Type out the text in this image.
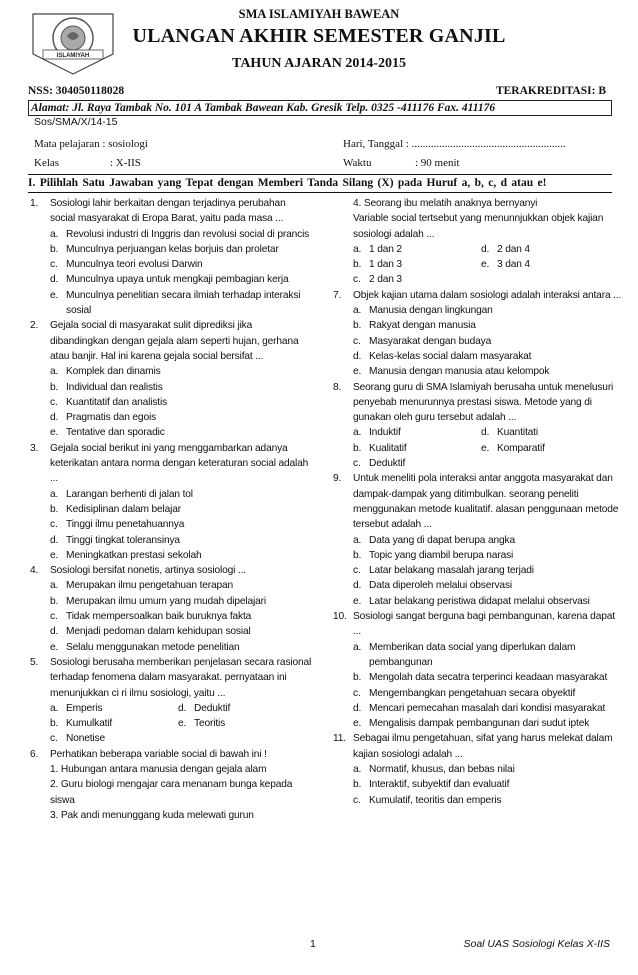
ISLAMIYAH
SMA ISLAMIYAH BAWEAN
ULANGAN AKHIR SEMESTER GANJIL
TAHUN AJARAN 2014-2015
NSS: 304050118028	TERAKREDITASI: B
Alamat: Jl. Raya Tambak No. 101 A Tambak Bawean Kab. Gresik Telp. 0325 -411176 Fax. 411176
Sos/SMA/X/14-15
Mata pelajaran : sosiologi	Hari, Tanggal : ........................................................
Kelas	: X-IIS	Waktu	: 90 menit
I. Pilihlah Satu Jawaban yang Tepat dengan Memberi Tanda Silang (X) pada Huruf a, b, c, d atau e!
1. Sosiologi lahir berkaitan dengan terjadinya perubahan social masyarakat di Eropa Barat, yaitu pada masa ...
a. Revolusi industri di Inggris dan revolusi social di prancis
b. Munculnya perjuangan kelas borjuis dan proletar
c. Munculnya teori evolusi Darwin
d. Munculnya upaya untuk mengkaji pembagian kerja
e. Munculnya penelitian secara ilmiah terhadap interaksi sosial
2. Gejala social di masyarakat sulit diprediksi jika dibandingkan dengan gejala alam seperti hujan, gerhana atau banjir. Hal ini karena gejala social bersifat ...
a. Komplek dan dinamis
b. Individual dan realistis
c. Kuantitatif dan analistis
d. Pragmatis dan egois
e. Tentative dan sporadic
3. Gejala social berikut ini yang menggambarkan adanya keterikatan antara norma dengan keteraturan social adalah ...
a. Larangan berhenti di jalan tol
b. Kedisiplinan dalam belajar
c. Tinggi ilmu penetahuannya
d. Tinggi tingkat toleransinya
e. Meningkatkan prestasi sekolah
4. Sosiologi bersifat nonetis, artinya sosiologi ...
a. Merupakan ilmu pengetahuan terapan
b. Merupakan ilmu umum yang mudah dipelajari
c. Tidak mempersoalkan baik buruknya fakta
d. Menjadi pedoman dalam kehidupan sosial
e. Selalu menggunakan metode penelitian
5. Sosiologi berusaha memberikan penjelasan secara rasional terhadap fenomena dalam masyarakat. pernyataan ini menunjukkan ci ri ilmu sosiologi, yaitu ...
a. Emperis	d. Deduktif
b. Kumulkatif	e. Teoritis
c. Nonetise
6. Perhatikan beberapa variable social di bawah ini !
1. Hubungan antara manusia dengan gejala alam
2. Guru biologi mengajar cara menanam bunga kepada siswa
3. Pak andi menunggang kuda melewati gurun
4. Seorang ibu melatih anaknya bernyanyi
Variable social tertsebut yang menunnjukkan objek kajian sosiologi adalah ...
a. 1 dan 2	d. 2 dan 4
b. 1 dan 3	e. 3 dan 4
c. 2 dan 3
7. Objek kajian utama dalam sosiologi adalah interaksi antara ...
a. Manusia dengan lingkungan
b. Rakyat dengan manusia
c. Masyarakat dengan budaya
d. Kelas-kelas social dalam masyarakat
e. Manusia dengan manusia atau kelompok
8. Seorang guru di SMA Islamiyah berusaha untuk menelusuri penyebab menurunnya prestasi siswa. Metode yang di gunakan oleh guru tersebut adalah ...
a. Induktif	d. Kuantitati
b. Kualitatif	e. Komparatif
c. Deduktif
9. Untuk meneliti pola interaksi antar anggota masyarakat dan dampak-dampak yang ditimbulkan. seorang peneliti menggunakan metode kualitatif. alasan penggunaan metode tersebut adalah ...
a. Data yang di dapat berupa angka
b. Topic yang diambil berupa narasi
c. Latar belakang masalah jarang terjadi
d. Data diperoleh melalui observasi
e. Latar belakang peristiwa didapat melalui observasi
10. Sosiologi sangat berguna bagi pembangunan, karena dapat ...
a. Memberikan data social yang diperlukan dalam pembangunan
b. Mengolah data secatra terperinci keadaan masyarakat
c. Mengembangkan pengetahuan secara obyektif
d. Mencari pemecahan masalah dari kondisi masyarakat
e. Mengalisis dampak pembangunan dari sudut iptek
11. Sebagai ilmu pengetahuan, sifat yang harus melekat dalam kajian sosiologi adalah ...
a. Normatif, khusus, dan bebas nilai
b. Interaktif, subyektif dan evaluatif
c. Kumulatif, teoritis dan emperis
1	Soal UAS Sosiologi Kelas X-IIS
